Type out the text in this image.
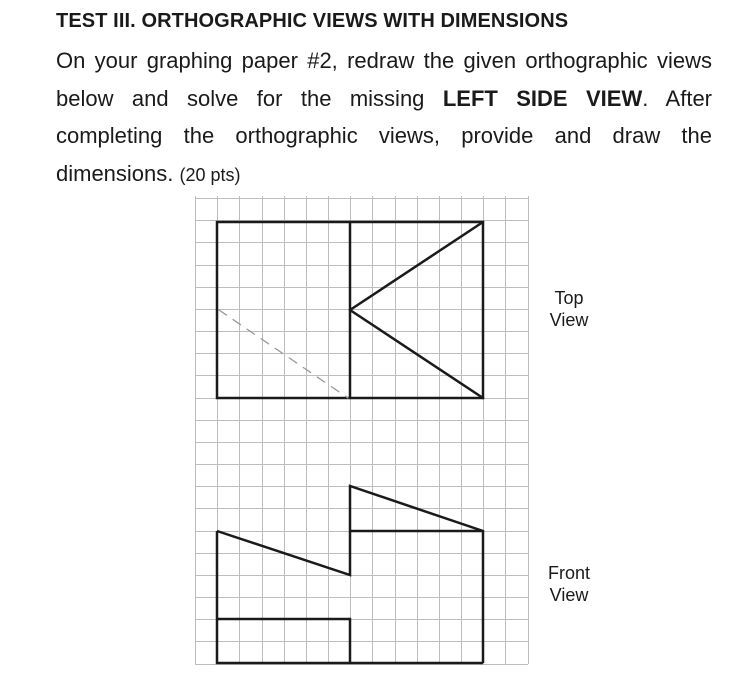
TEST III. ORTHOGRAPHIC VIEWS WITH DIMENSIONS

On your graphing paper #2, redraw the given orthographic views below and solve for the missing LEFT SIDE VIEW. After completing the orthographic views, provide and draw the dimensions. (20 pts)

Top
View
Front
View
